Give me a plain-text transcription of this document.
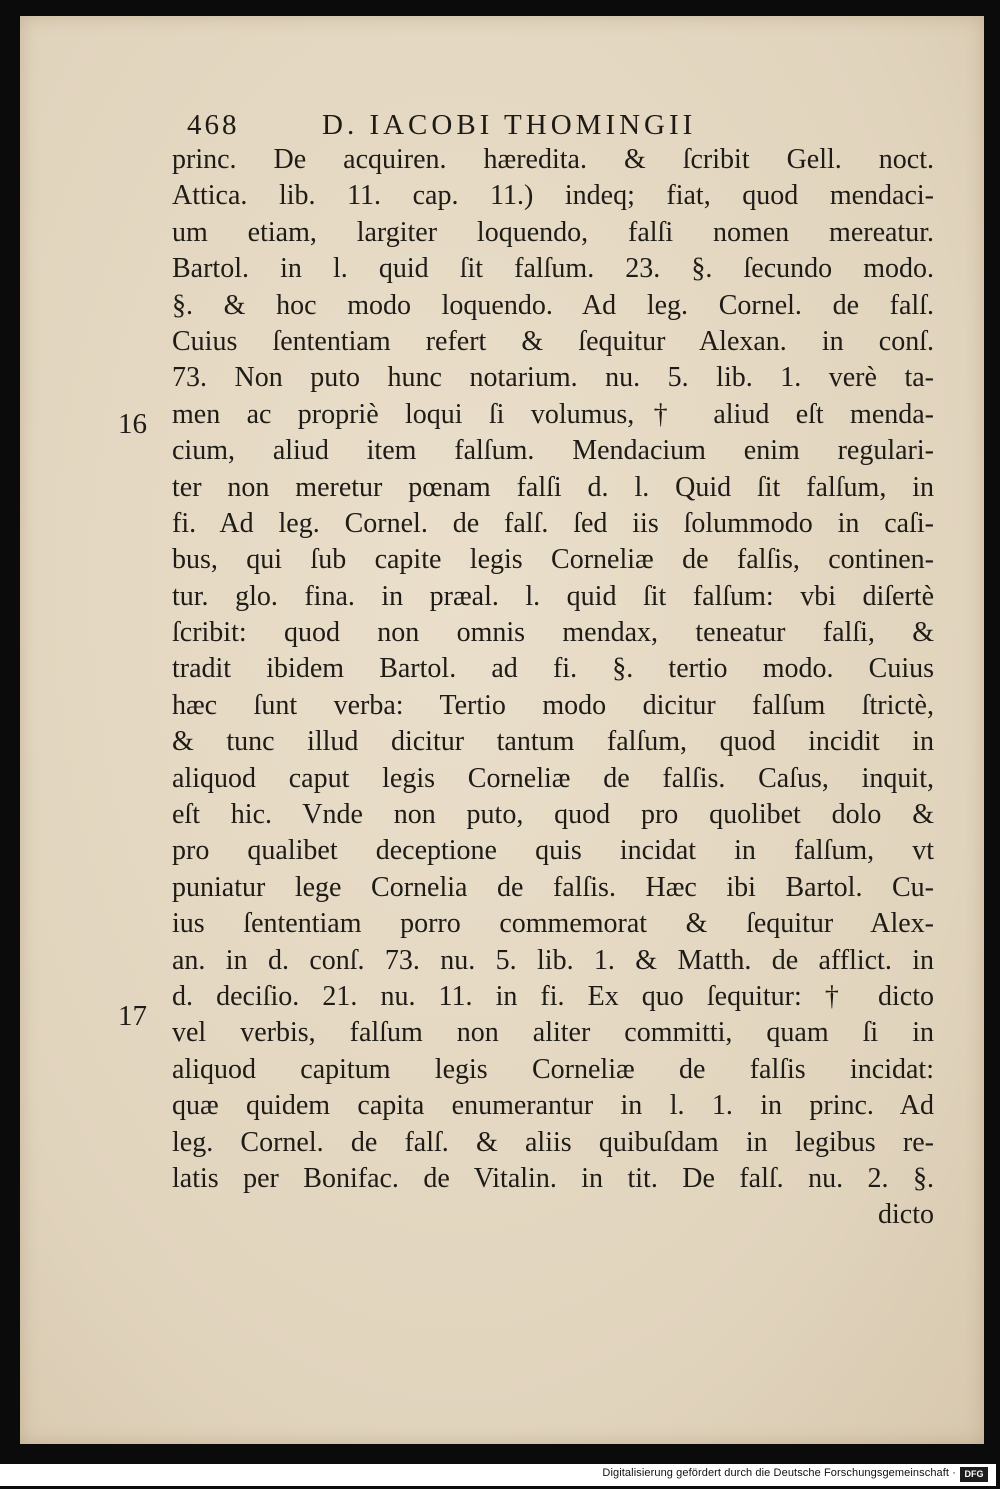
468	D. IACOBI THOMINGII
16
17
princ. De acquiren. hæredita. & ſcribit Gell. noct.
Attica. lib. 11. cap. 11.) indeq; fiat, quod mendaci-
um etiam, largiter loquendo, falſi nomen mereatur.
Bartol. in l. quid ſit falſum. 23. §. ſecundo modo.
§. & hoc modo loquendo. Ad leg. Cornel. de falſ.
Cuius ſententiam refert & ſequitur Alexan. in conſ.
73. Non puto hunc notarium. nu. 5. lib. 1. verè ta-
men ac propriè loqui ſi volumus,† aliud eſt menda-
cium, aliud item falſum. Mendacium enim regulari-
ter non meretur pœnam falſi d. l. Quid ſit falſum, in
fi. Ad leg. Cornel. de falſ. ſed iis ſolummodo in caſi-
bus, qui ſub capite legis Corneliæ de falſis, continen-
tur. glo. fina. in præal. l. quid ſit falſum: vbi diſertè
ſcribit: quod non omnis mendax, teneatur falſi, &
tradit ibidem Bartol. ad fi. §. tertio modo. Cuius
hæc ſunt verba: Tertio modo dicitur falſum ſtrictè,
& tunc illud dicitur tantum falſum, quod incidit in
aliquod caput legis Corneliæ de falſis. Caſus, inquit,
eſt hic. Vnde non puto, quod pro quolibet dolo &
pro qualibet deceptione quis incidat in falſum, vt
puniatur lege Cornelia de falſis. Hæc ibi Bartol. Cu-
ius ſententiam porro commemorat & ſequitur Alex-
an. in d. conſ. 73. nu. 5. lib. 1. & Matth. de afflict. in
d. deciſio. 21. nu. 11. in fi. Ex quo ſequitur: † dicto
vel verbis, falſum non aliter committi, quam ſi in
aliquod capitum legis Corneliæ de falſis incidat:
quæ quidem capita enumerantur in l. 1. in princ. Ad
leg. Cornel. de falſ. & aliis quibuſdam in legibus re-
latis per Bonifac. de Vitalin. in tit. De falſ. nu. 2. §.
dicto
Digitalisierung gefördert durch die Deutsche Forschungsgemeinschaft · DFG
